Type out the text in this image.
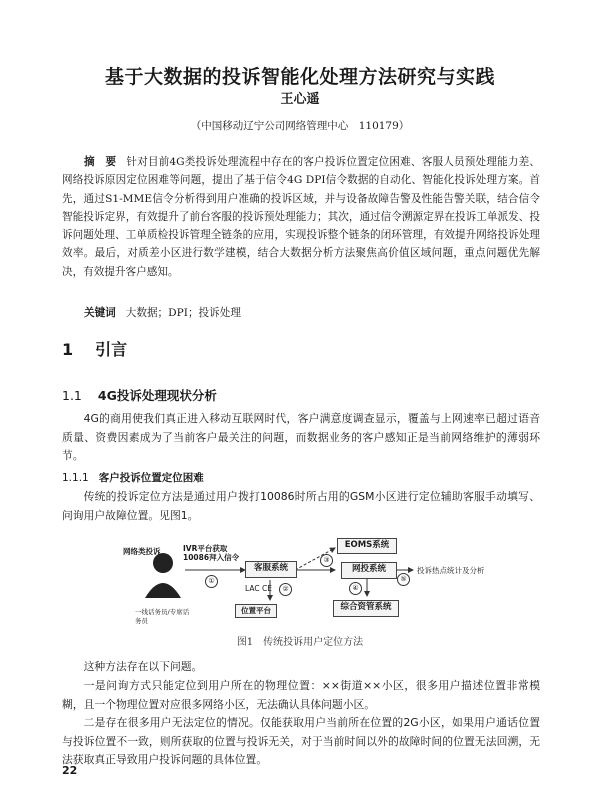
基于大数据的投诉智能化处理方法研究与实践
王心遥
（中国移动辽宁公司网络管理中心　110179）
摘　要 针对目前4G类投诉处理流程中存在的客户投诉位置定位困难、客服人员预处理能力差、网络投诉原因定位困难等问题，提出了基于信令4G DPI信令数据的自动化、智能化投诉处理方案。首先，通过S1-MME信令分析得到用户准确的投诉区域，并与设备故障告警及性能告警关联，结合信令智能投诉定界，有效提升了前台客服的投诉预处理能力；其次，通过信令溯源定界在投诉工单派发、投诉问题处理、工单质检投诉管理全链条的应用，实现投诉整个链条的闭环管理，有效提升网络投诉处理效率。最后，对质差小区进行数学建模，结合大数据分析方法聚焦高价值区域问题，重点问题优先解决，有效提升客户感知。
关键词 大数据；DPI；投诉处理
1 引言
1.1 4G投诉处理现状分析
4G的商用使我们真正进入移动互联网时代，客户满意度调查显示，覆盖与上网速率已超过语音质量、资费因素成为了当前客户最关注的问题，而数据业务的客户感知正是当前网络维护的薄弱环节。
1.1.1 客户投诉位置定位困难
传统的投诉定位方法是通过用户拨打10086时所占用的GSM小区进行定位辅助客服手动填写、问询用户故障位置。见图1。
网络类投诉	IVR平台获取 10086拜入信令
一线话务员/专席话务员
①
客服系统
EOMS系统
③
网投系统
LAC CE	②	④
综合资管系统
位置平台
⑤
投诉热点统计及分析
图1　传统投诉用户定位方法
这种方法存在以下问题。
一是问询方式只能定位到用户所在的物理位置：××街道××小区，很多用户描述位置非常模糊，且一个物理位置对应很多网络小区，无法确认具体问题小区。
二是存在很多用户无法定位的情况。仅能获取用户当前所在位置的2G小区，如果用户通话位置与投诉位置不一致，则所获取的位置与投诉无关，对于当前时间以外的故障时间的位置无法回溯，无法获取真正导致用户投诉问题的具体位置。
22
